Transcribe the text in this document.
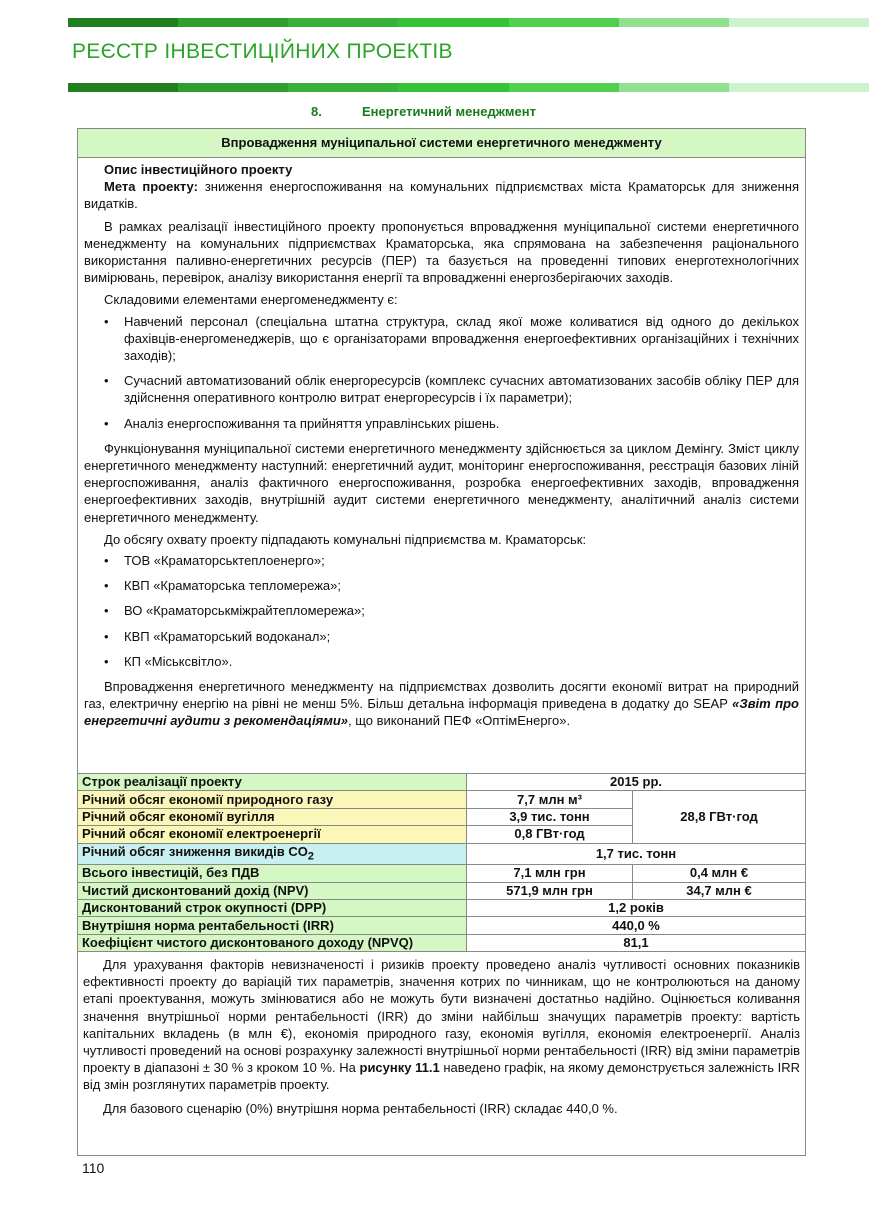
РЕЄСТР ІНВЕСТИЦІЙНИХ ПРОЕКТІВ
8.	Енергетичний менеджмент
Впровадження муніципальної системи енергетичного менеджменту

Опис інвестиційного проекту

Мета проекту: зниження енергоспоживання на комунальних підприємствах міста Краматорськ для зниження видатків.

В рамках реалізації інвестиційного проекту пропонується впровадження муніципальної системи енергетичного менеджменту на комунальних підприємствах Краматорська, яка спрямована на забезпечення раціонального використання паливно-енергетичних ресурсів (ПЕР) та базується на проведенні типових енерготехнологічних вимірювань, перевірок, аналізу використання енергії та впровадженні енергозберігаючих заходів.

Складовими елементами енергоменеджменту є:

• Навчений персонал (спеціальна штатна структура, склад якої може коливатися від одного до декількох фахівців-енергоменеджерів, що є організаторами впровадження енергоефективних організаційних і технічних заходів);
• Сучасний автоматизований облік енергоресурсів (комплекс сучасних автоматизованих засобів обліку ПЕР для здійснення оперативного контролю витрат енергоресурсів і їх параметри);
• Аналіз енергоспоживання та прийняття управлінських рішень.

Функціонування муніципальної системи енергетичного менеджменту здійснюється за циклом Демінгу. Зміст циклу енергетичного менеджменту наступний: енергетичний аудит, моніторинг енергоспоживання, реєстрація базових ліній енергоспоживання, аналіз фактичного енергоспоживання, розробка енергоефективних заходів, впровадження енергоефективних заходів, внутрішній аудит системи енергетичного менеджменту, аналітичний аналіз системи енергетичного менеджменту.

До обсягу охвату проекту підпадають комунальні підприємства м. Краматорськ:

• ТОВ «Краматорськтеплоенерго»;
• КВП «Краматорська тепломережа»;
• ВО «Краматорськміжрайтепломережа»;
• КВП «Краматорський водоканал»;
• КП «Міськсвітло».

Впровадження енергетичного менеджменту на підприємствах дозволить досягти економії витрат на природний газ, електричну енергію на рівні не менш 5%. Більш детальна інформація приведена в додатку до SEAP «Звіт про енергетичні аудити з рекомендаціями», що виконаний ПЕФ «ОптімЕнерго».

Строк реалізації проекту	2015 рр.	
Річний обсяг економії природного газу	7,7 млн м³	28,8 ГВт·год
Річний обсяг економії вугілля	3,9 тис. тонн	
Річний обсяг економії електроенергії	0,8 ГВт·год	
Річний обсяг зниження викидів $CO_2$	1,7 тис. тонн	
Всього інвестицій, без ПДВ	7,1 млн грн	0,4 млн €
Чистий дисконтований дохід (NPV)	571,9 млн грн	34,7 млн €
Дисконтований строк окупності (DPP)	1,2 років	
Внутрішня норма рентабельності (IRR)	440,0 %	
Коефіцієнт чистого дисконтованого доходу (NPVQ)	81,1	

Для урахування факторів невизначеності і ризиків проекту проведено аналіз чутливості основних показників ефективності проекту до варіацій тих параметрів, значення котрих по чинникам, що не контролюються на даному етапі проектування, можуть змінюватися або не можуть бути визначені достатньо надійно. Оцінюється коливання значення внутрішньої норми рентабельності (IRR) до зміни найбільш значущих параметрів проекту: вартість капітальних вкладень (в млн €), економія природного газу, економія вугілля, економія електроенергії. Аналіз чутливості проведений на основі розрахунку залежності внутрішньої норми рентабельності (IRR) від зміни параметрів проекту в діапазоні ± 30 % з кроком 10 %. На рисунку 11.1 наведено графік, на якому демонструється залежність IRR від змін розглянутих параметрів проекту.

Для базового сценарію (0%) внутрішня норма рентабельності (IRR) складає 440,0 %.

110
